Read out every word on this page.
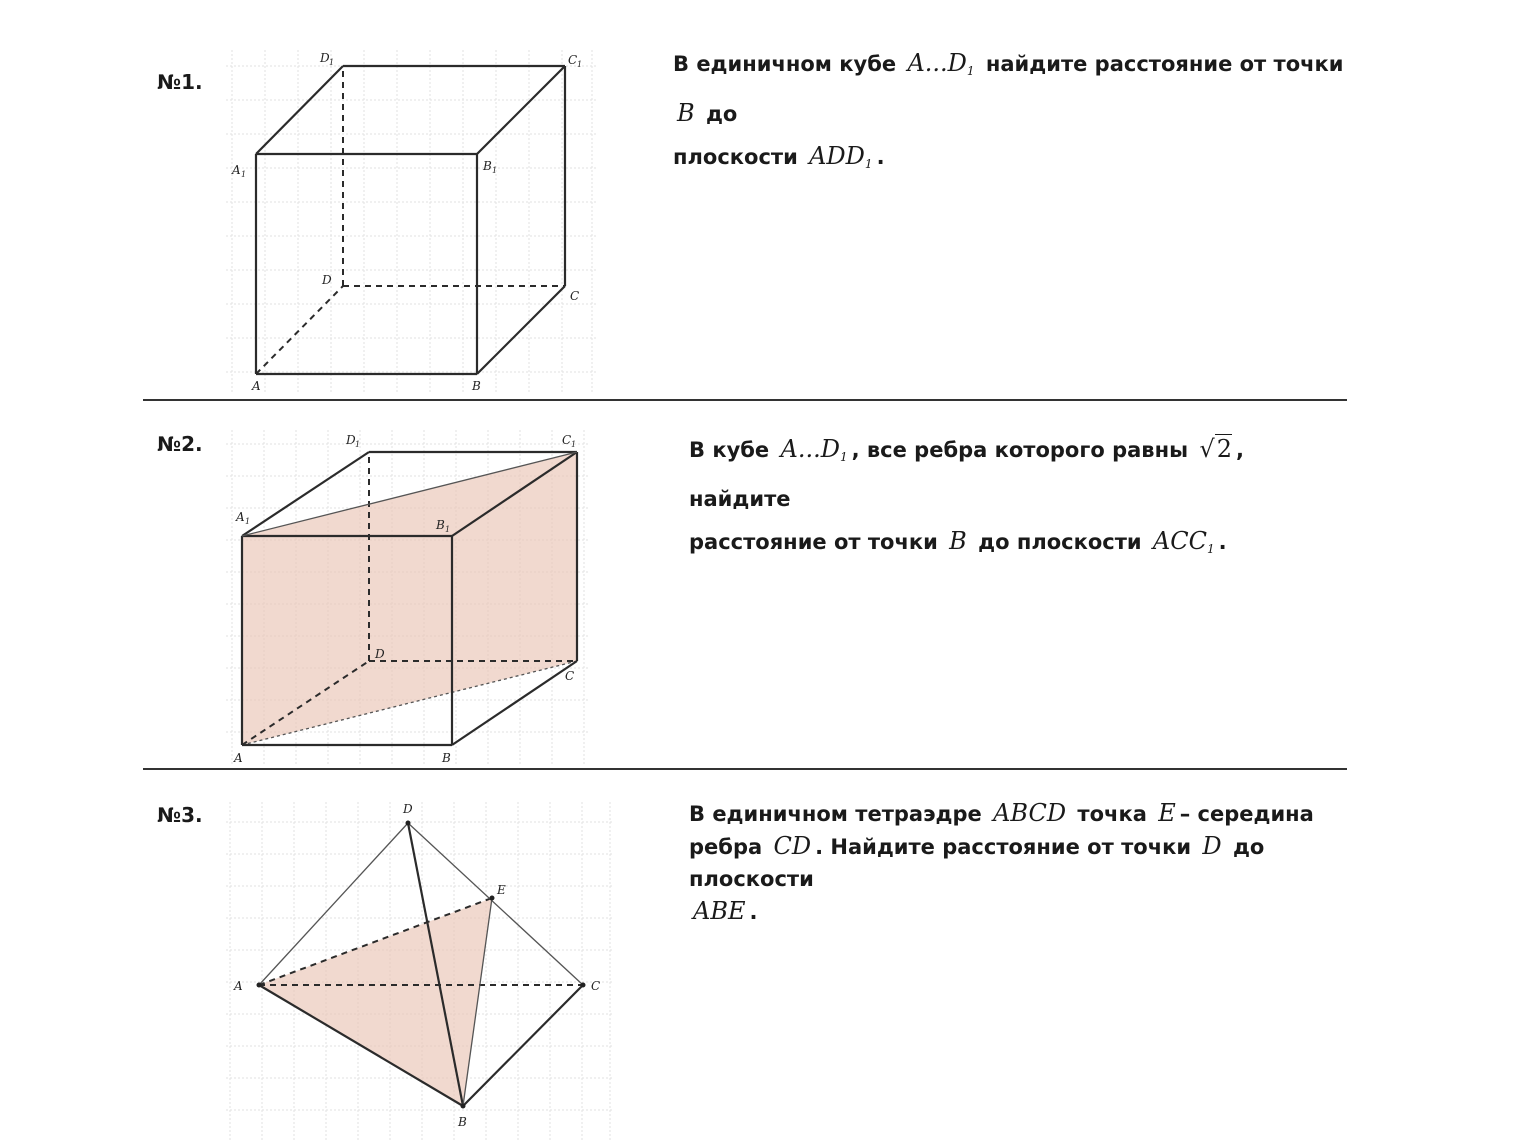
№1.
A	B
C
D
A 1
B 1
C 1
D 1	В единичном кубе $A...D_1$ найдите расстояние от точки B до
плоскости $ADD_1$ .
№2.
A	B
C
D
A 1	B 1
C 1
D 1	В кубе $A...D_1$ , все ребра которого равны √2 , найдите
расстояние от точки B до плоскости $ACC_1$ .
№3.
A
B
C
D
E
В единичном тетраэдре ABCD точка E – середина
ребра CD . Найдите расстояние от точки D до плоскости
ABE .
